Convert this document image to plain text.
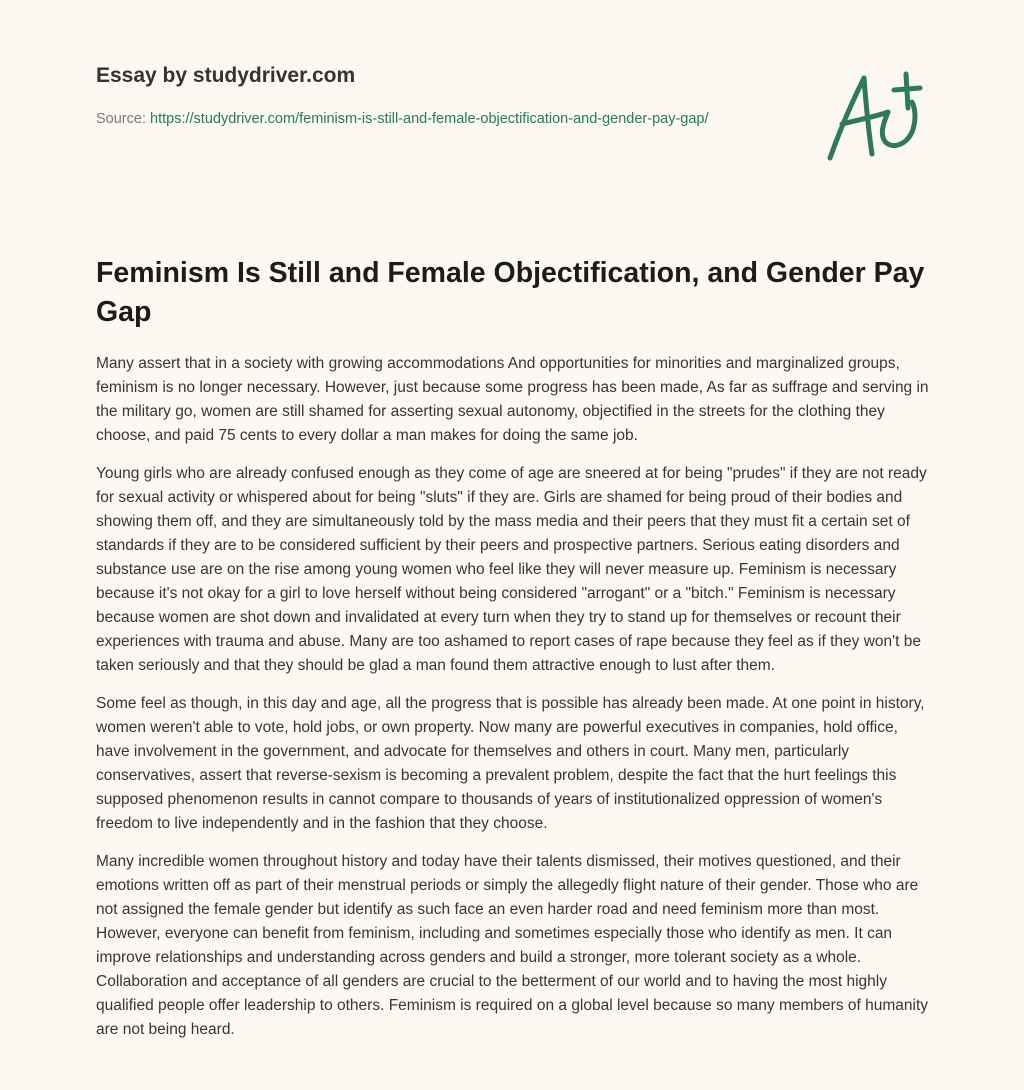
Essay by studydriver.com
Source: https://studydriver.com/feminism-is-still-and-female-objectification-and-gender-pay-gap/
Feminism Is Still and Female Objectification, and Gender Pay Gap

Many assert that in a society with growing accommodations And opportunities for minorities and marginalized groups, feminism is no longer necessary. However, just because some progress has been made, As far as suffrage and serving in the military go, women are still shamed for asserting sexual autonomy, objectified in the streets for the clothing they choose, and paid 75 cents to every dollar a man makes for doing the same job.

Young girls who are already confused enough as they come of age are sneered at for being "prudes" if they are not ready for sexual activity or whispered about for being "sluts" if they are. Girls are shamed for being proud of their bodies and showing them off, and they are simultaneously told by the mass media and their peers that they must fit a certain set of standards if they are to be considered sufficient by their peers and prospective partners. Serious eating disorders and substance use are on the rise among young women who feel like they will never measure up. Feminism is necessary because it's not okay for a girl to love herself without being considered "arrogant" or a "bitch." Feminism is necessary because women are shot down and invalidated at every turn when they try to stand up for themselves or recount their experiences with trauma and abuse. Many are too ashamed to report cases of rape because they feel as if they won't be taken seriously and that they should be glad a man found them attractive enough to lust after them.

Some feel as though, in this day and age, all the progress that is possible has already been made. At one point in history, women weren't able to vote, hold jobs, or own property. Now many are powerful executives in companies, hold office, have involvement in the government, and advocate for themselves and others in court. Many men, particularly conservatives, assert that reverse-sexism is becoming a prevalent problem, despite the fact that the hurt feelings this supposed phenomenon results in cannot compare to thousands of years of institutionalized oppression of women's freedom to live independently and in the fashion that they choose.

Many incredible women throughout history and today have their talents dismissed, their motives questioned, and their emotions written off as part of their menstrual periods or simply the allegedly flight nature of their gender. Those who are not assigned the female gender but identify as such face an even harder road and need feminism more than most. However, everyone can benefit from feminism, including and sometimes especially those who identify as men. It can improve relationships and understanding across genders and build a stronger, more tolerant society as a whole. Collaboration and acceptance of all genders are crucial to the betterment of our world and to having the most highly qualified people offer leadership to others. Feminism is required on a global level because so many members of humanity are not being heard.
